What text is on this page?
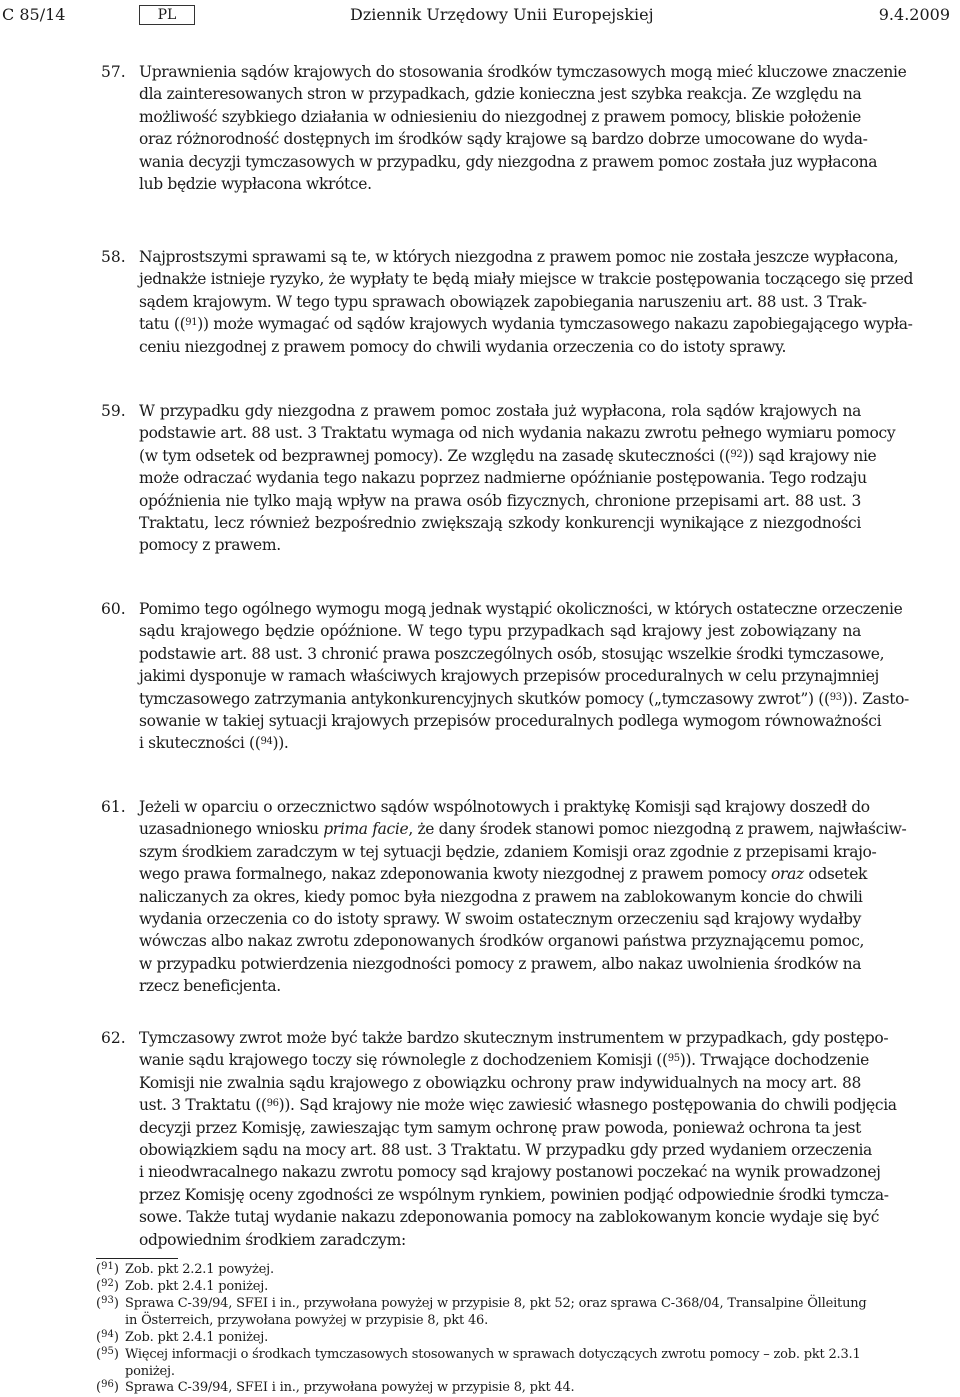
C 85/14	PL	Dziennik Urzędowy Unii Europejskiej	9.4.2009
57. Uprawnienia sądów krajowych do stosowania środków tymczasowych mogą mieć kluczowe znaczenie
dla zainteresowanych stron w przypadkach, gdzie konieczna jest szybka reakcja. Ze względu na
możliwość szybkiego działania w odniesieniu do niezgodnej z prawem pomocy, bliskie położenie
oraz różnorodność dostępnych im środków sądy krajowe są bardzo dobrze umocowane do wyda-
wania decyzji tymczasowych w przypadku, gdy niezgodna z prawem pomoc została juz wypłacona
lub będzie wypłacona wkrótce.
58. Najprostszymi sprawami są te, w których niezgodna z prawem pomoc nie została jeszcze wypłacona,
jednakże istnieje ryzyko, że wypłaty te będą miały miejsce w trakcie postępowania toczącego się przed
sądem krajowym. W tego typu sprawach obowiązek zapobiegania naruszeniu art. 88 ust. 3 Trak-
tatu (($^{91}$)) może wymagać od sądów krajowych wydania tymczasowego nakazu zapobiegającego wypła-
ceniu niezgodnej z prawem pomocy do chwili wydania orzeczenia co do istoty sprawy.
59. W przypadku gdy niezgodna z prawem pomoc została już wypłacona, rola sądów krajowych na
podstawie art. 88 ust. 3 Traktatu wymaga od nich wydania nakazu zwrotu pełnego wymiaru pomocy
(w tym odsetek od bezprawnej pomocy). Ze względu na zasadę skuteczności (($^{92}$)) sąd krajowy nie
może odraczać wydania tego nakazu poprzez nadmierne opóźnianie postępowania. Tego rodzaju
opóźnienia nie tylko mają wpływ na prawa osób fizycznych, chronione przepisami art. 88 ust. 3
Traktatu, lecz również bezpośrednio zwiększają szkody konkurencji wynikające z niezgodności
pomocy z prawem.
60. Pomimo tego ogólnego wymogu mogą jednak wystąpić okoliczności, w których ostateczne orzeczenie
sądu krajowego będzie opóźnione. W tego typu przypadkach sąd krajowy jest zobowiązany na
podstawie art. 88 ust. 3 chronić prawa poszczególnych osób, stosując wszelkie środki tymczasowe,
jakimi dysponuje w ramach właściwych krajowych przepisów proceduralnych w celu przynajmniej
tymczasowego zatrzymania antykonkurencyjnych skutków pomocy („tymczasowy zwrot”) (($^{93}$)). Zasto-
sowanie w takiej sytuacji krajowych przepisów proceduralnych podlega wymogom równoważności
i skuteczności (($^{94}$)).
61. Jeżeli w oparciu o orzecznictwo sądów wspólnotowych i praktykę Komisji sąd krajowy doszedł do
uzasadnionego wniosku prima facie, że dany środek stanowi pomoc niezgodną z prawem, najwłaściw-
szym środkiem zaradczym w tej sytuacji będzie, zdaniem Komisji oraz zgodnie z przepisami krajo-
wego prawa formalnego, nakaz zdeponowania kwoty niezgodnej z prawem pomocy oraz odsetek
naliczanych za okres, kiedy pomoc była niezgodna z prawem na zablokowanym koncie do chwili
wydania orzeczenia co do istoty sprawy. W swoim ostatecznym orzeczeniu sąd krajowy wydałby
wówczas albo nakaz zwrotu zdeponowanych środków organowi państwa przyznającemu pomoc,
w przypadku potwierdzenia niezgodności pomocy z prawem, albo nakaz uwolnienia środków na
rzecz beneficjenta.
62. Tymczasowy zwrot może być także bardzo skutecznym instrumentem w przypadkach, gdy postępo-
wanie sądu krajowego toczy się równolegle z dochodzeniem Komisji (($^{95}$)). Trwające dochodzenie
Komisji nie zwalnia sądu krajowego z obowiązku ochrony praw indywidualnych na mocy art. 88
ust. 3 Traktatu (($^{96}$)). Sąd krajowy nie może więc zawiesić własnego postępowania do chwili podjęcia
decyzji przez Komisję, zawieszając tym samym ochronę praw powoda, ponieważ ochrona ta jest
obowiązkiem sądu na mocy art. 88 ust. 3 Traktatu. W przypadku gdy przed wydaniem orzeczenia
i nieodwracalnego nakazu zwrotu pomocy sąd krajowy postanowi poczekać na wynik prowadzonej
przez Komisję oceny zgodności ze wspólnym rynkiem, powinien podjąć odpowiednie środki tymcza-
sowe. Także tutaj wydanie nakazu zdeponowania pomocy na zablokowanym koncie wydaje się być
odpowiednim środkiem zaradczym:
($^{91}$) Zob. pkt 2.2.1 powyżej.
($^{92}$) Zob. pkt 2.4.1 poniżej.
($^{93}$) Sprawa C-39/94, SFEI i in., przywołana powyżej w przypisie 8, pkt 52; oraz sprawa C-368/04, Transalpine Ölleitung
in Österreich, przywołana powyżej w przypisie 8, pkt 46.
($^{94}$) Zob. pkt 2.4.1 poniżej.
($^{95}$) Więcej informacji o środkach tymczasowych stosowanych w sprawach dotyczących zwrotu pomocy – zob. pkt 2.3.1
poniżej.
($^{96}$) Sprawa C-39/94, SFEI i in., przywołana powyżej w przypisie 8, pkt 44.
